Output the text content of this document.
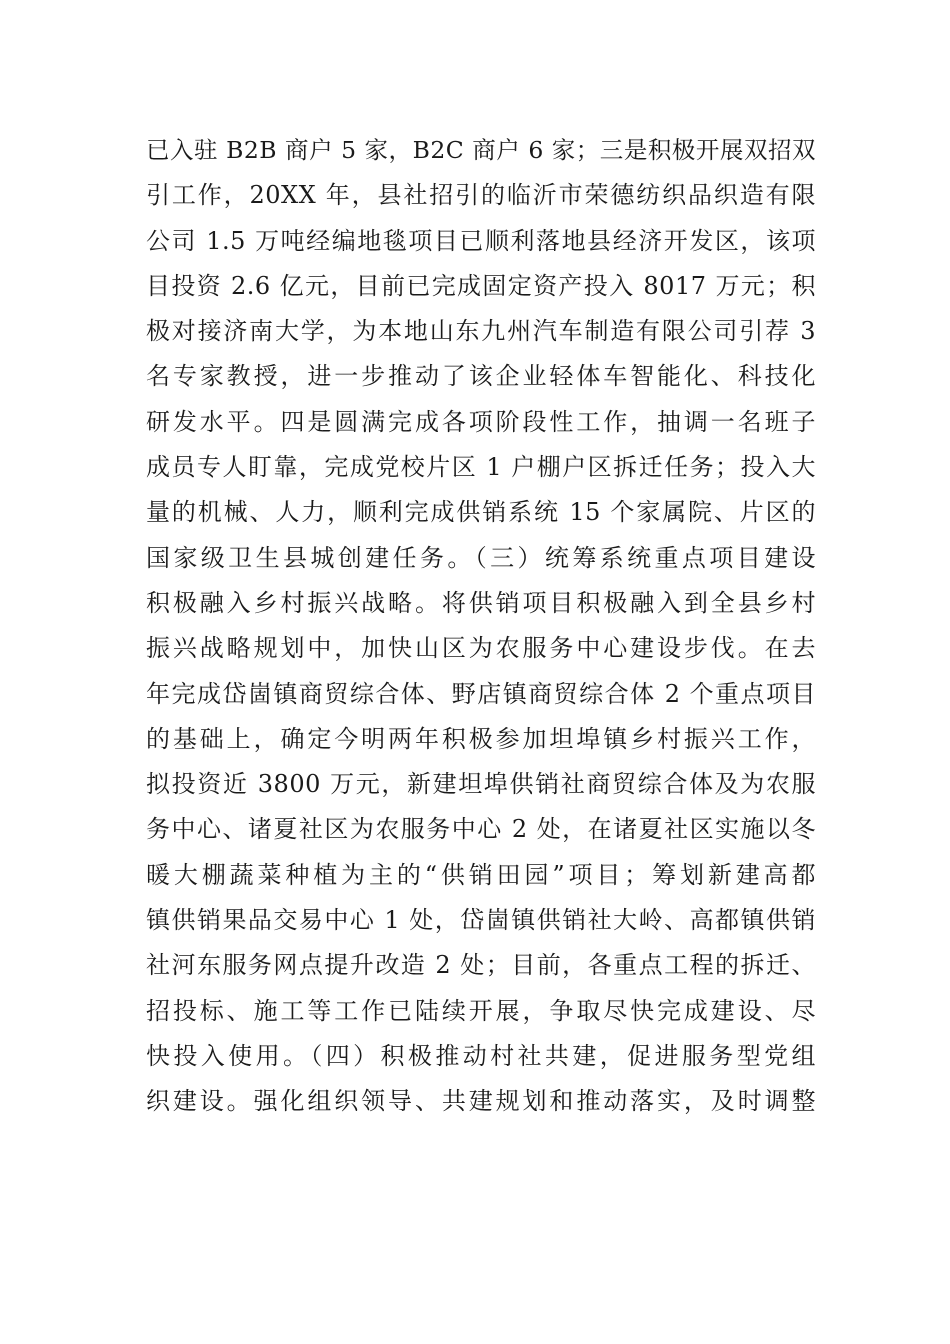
已入驻 B2B 商户 5 家，B2C 商户 6 家；三是积极开展双招双
引工作，20XX 年，县社招引的临沂市荣德纺织品织造有限
公司 1.5 万吨经编地毯项目已顺利落地县经济开发区，该项
目投资 2.6 亿元，目前已完成固定资产投入 8017 万元；积
极对接济南大学，为本地山东九州汽车制造有限公司引荐 3
名专家教授，进一步推动了该企业轻体车智能化、科技化
研发水平。四是圆满完成各项阶段性工作，抽调一名班子
成员专人盯靠，完成党校片区 1 户棚户区拆迁任务；投入大
量的机械、人力，顺利完成供销系统 15 个家属院、片区的
国家级卫生县城创建任务。（三）统筹系统重点项目建设
积极融入乡村振兴战略。将供销项目积极融入到全县乡村
振兴战略规划中，加快山区为农服务中心建设步伐。在去
年完成岱崮镇商贸综合体、野店镇商贸综合体 2 个重点项目
的基础上，确定今明两年积极参加坦埠镇乡村振兴工作，
拟投资近 3800 万元，新建坦埠供销社商贸综合体及为农服
务中心、诸夏社区为农服务中心 2 处，在诸夏社区实施以冬
暖大棚蔬菜种植为主的“供销田园”项目；筹划新建高都
镇供销果品交易中心 1 处，岱崮镇供销社大岭、高都镇供销
社河东服务网点提升改造 2 处；目前，各重点工程的拆迁、
招投标、施工等工作已陆续开展，争取尽快完成建设、尽
快投入使用。（四）积极推动村社共建，促进服务型党组
织建设。强化组织领导、共建规划和推动落实，及时调整
